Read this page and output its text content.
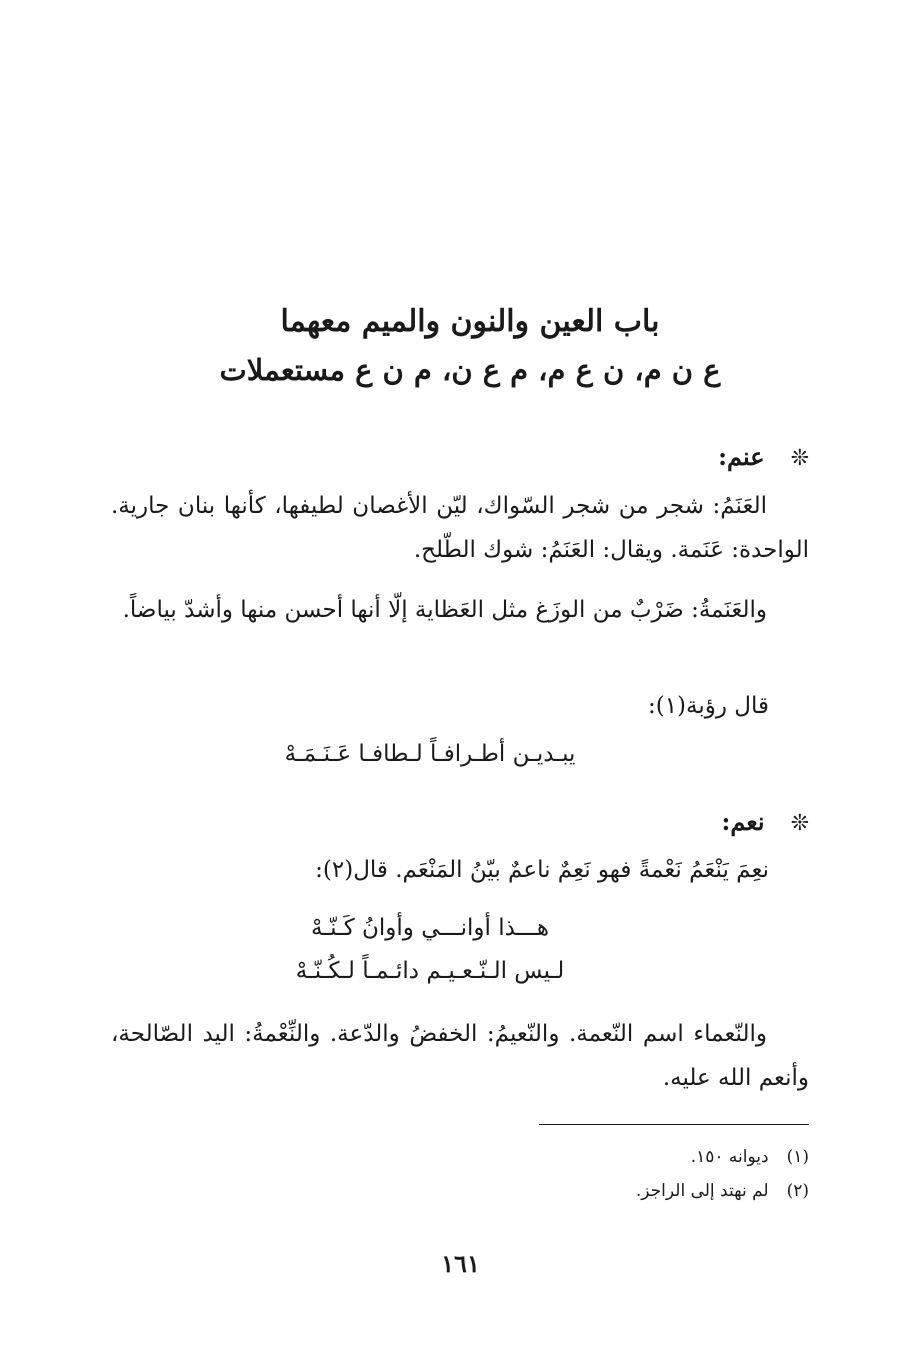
باب العين والنون والميم معهما
ع ن م، ن ع م، م ع ن، م ن ع مستعملات
❊عنم:

العَنَمُ: شجر من شجر السّواك، ليّن الأغصان لطيفها، كأنها بنان جارية. الواحدة: عَنَمة. ويقال: العَنَمُ: شوك الطّلح.

والعَنَمةُ: ضَرْبٌ من الوزَغ مثل العَظاية إلّا أنها أحسن منها وأشدّ بياضاً.

قال رؤبة(١):
يبـديـن أطـرافـاً لـطافـا عَـنَـمَـهْ
❊نعم:
نعِمَ يَنْعَمُ نَعْمةً فهو نَعِمٌ ناعمٌ بيّنُ المَنْعَم. قال(٢):
هـــذا أوانـــي وأوانُ كَـنّـهْ
لـيس الـنّـعـيـم دائـمـاً لـكُـنّـهْ

والنّعماء اسم النّعمة. والنّعيمُ: الخفضُ والدّعة. والنِّعْمةُ: اليد الصّالحة، وأنعم الله عليه.

(١)ديوانه ١٥٠.
(٢)لم نهتد إلى الراجز.
١٦١
